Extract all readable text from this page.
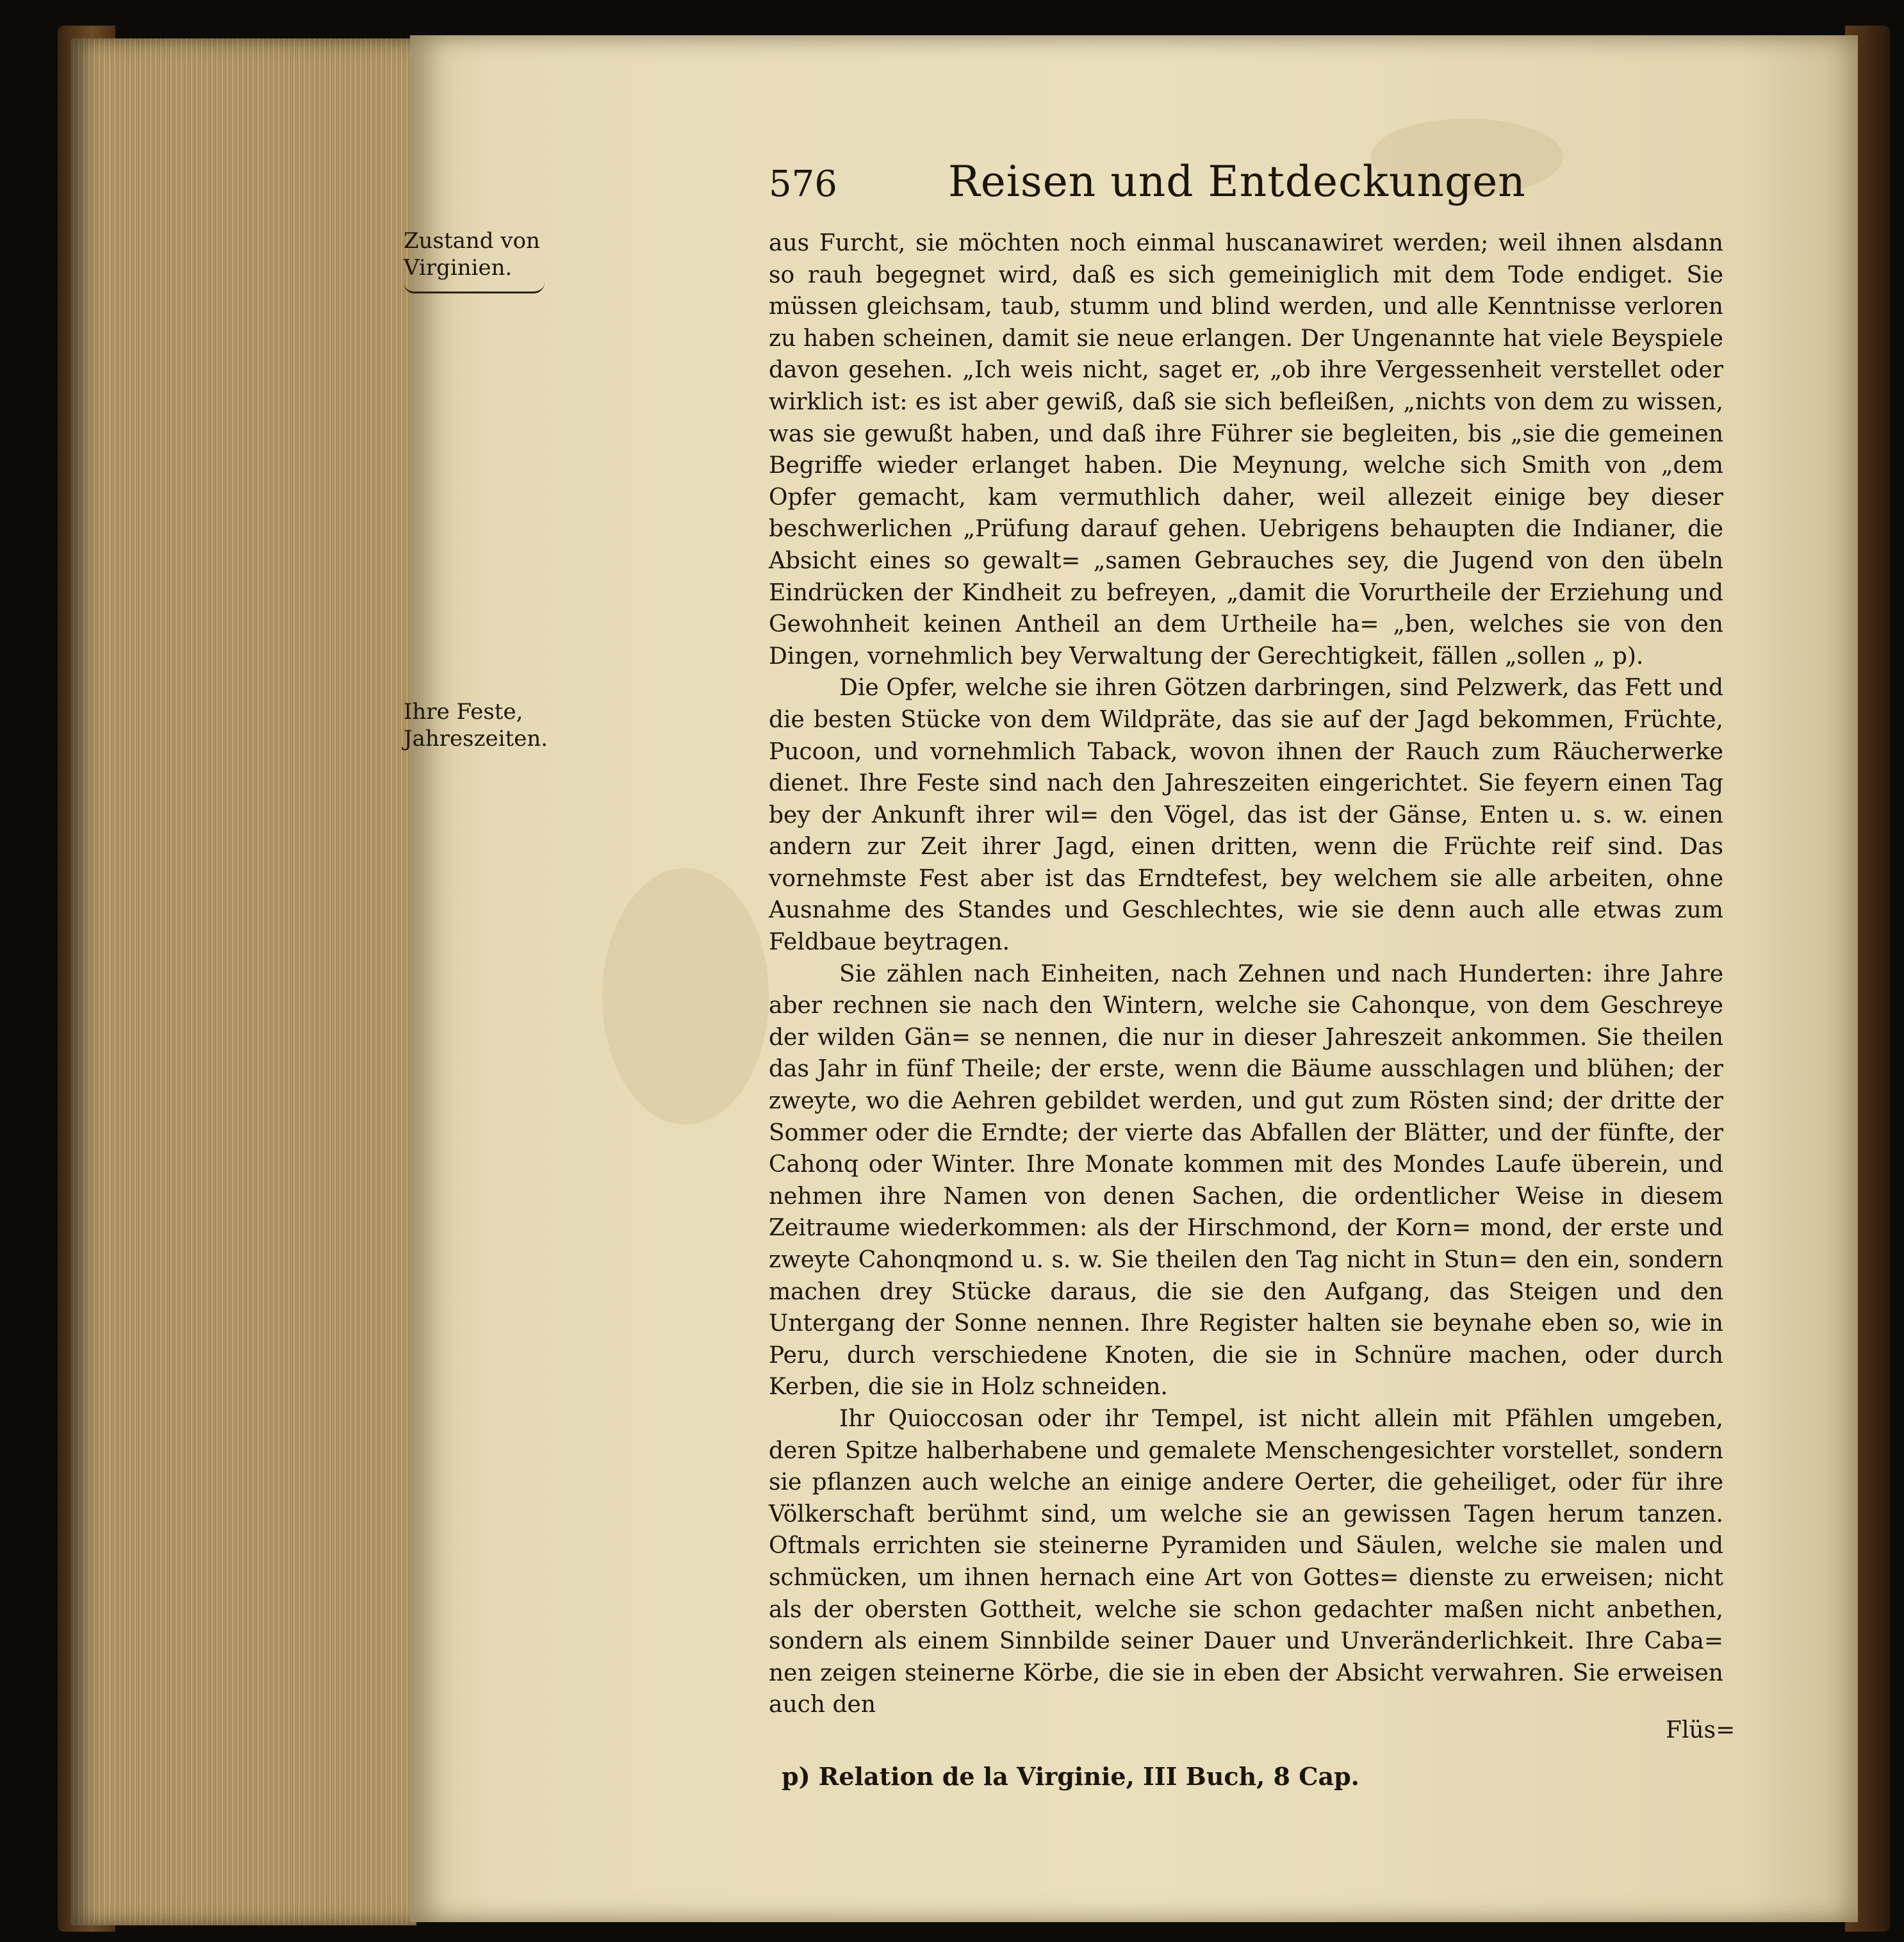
576	Reisen und Entdeckungen
Zustand von Virginien.
Ihre Feste, Jahreszeiten.

aus Furcht, sie möchten noch einmal huscanawiret werden; weil ihnen alsdann so rauh begegnet wird, daß es sich gemeiniglich mit dem Tode endiget. Sie müssen gleichsam, taub, stumm und blind werden, und alle Kenntnisse verloren zu haben scheinen, damit sie neue erlangen. Der Ungenannte hat viele Beyspiele davon gesehen. „Ich weis nicht, saget er, „ob ihre Vergessenheit verstellet oder wirklich ist: es ist aber gewiß, daß sie sich befleißen, „nichts von dem zu wissen, was sie gewußt haben, und daß ihre Führer sie begleiten, bis „sie die gemeinen Begriffe wieder erlanget haben. Die Meynung, welche sich Smith von „dem Opfer gemacht, kam vermuthlich daher, weil allezeit einige bey dieser beschwerlichen „Prüfung darauf gehen. Uebrigens behaupten die Indianer, die Absicht eines so gewalt= „samen Gebrauches sey, die Jugend von den übeln Eindrücken der Kindheit zu befreyen, „damit die Vorurtheile der Erziehung und Gewohnheit keinen Antheil an dem Urtheile ha= „ben, welches sie von den Dingen, vornehmlich bey Verwaltung der Gerechtigkeit, fällen „sollen „ p).

Die Opfer, welche sie ihren Götzen darbringen, sind Pelzwerk, das Fett und die besten Stücke von dem Wildpräte, das sie auf der Jagd bekommen, Früchte, Pucoon, und vornehmlich Taback, wovon ihnen der Rauch zum Räucherwerke dienet. Ihre Feste sind nach den Jahreszeiten eingerichtet. Sie feyern einen Tag bey der Ankunft ihrer wil= den Vögel, das ist der Gänse, Enten u. s. w. einen andern zur Zeit ihrer Jagd, einen dritten, wenn die Früchte reif sind. Das vornehmste Fest aber ist das Erndtefest, bey welchem sie alle arbeiten, ohne Ausnahme des Standes und Geschlechtes, wie sie denn auch alle etwas zum Feldbaue beytragen.

Sie zählen nach Einheiten, nach Zehnen und nach Hunderten: ihre Jahre aber rechnen sie nach den Wintern, welche sie Cahonque, von dem Geschreye der wilden Gän= se nennen, die nur in dieser Jahreszeit ankommen. Sie theilen das Jahr in fünf Theile; der erste, wenn die Bäume ausschlagen und blühen; der zweyte, wo die Aehren gebildet werden, und gut zum Rösten sind; der dritte der Sommer oder die Erndte; der vierte das Abfallen der Blätter, und der fünfte, der Cahonq oder Winter. Ihre Monate kommen mit des Mondes Laufe überein, und nehmen ihre Namen von denen Sachen, die ordentlicher Weise in diesem Zeitraume wiederkommen: als der Hirschmond, der Korn= mond, der erste und zweyte Cahonqmond u. s. w. Sie theilen den Tag nicht in Stun= den ein, sondern machen drey Stücke daraus, die sie den Aufgang, das Steigen und den Untergang der Sonne nennen. Ihre Register halten sie beynahe eben so, wie in Peru, durch verschiedene Knoten, die sie in Schnüre machen, oder durch Kerben, die sie in Holz schneiden.

Ihr Quioccosan oder ihr Tempel, ist nicht allein mit Pfählen umgeben, deren Spitze halberhabene und gemalete Menschengesichter vorstellet, sondern sie pflanzen auch welche an einige andere Oerter, die geheiliget, oder für ihre Völkerschaft berühmt sind, um welche sie an gewissen Tagen herum tanzen. Oftmals errichten sie steinerne Pyramiden und Säulen, welche sie malen und schmücken, um ihnen hernach eine Art von Gottes= dienste zu erweisen; nicht als der obersten Gottheit, welche sie schon gedachter maßen nicht anbethen, sondern als einem Sinnbilde seiner Dauer und Unveränderlichkeit. Ihre Caba= nen zeigen steinerne Körbe, die sie in eben der Absicht verwahren. Sie erweisen auch den

Flüs=
p) Relation de la Virginie, III Buch, 8 Cap.
